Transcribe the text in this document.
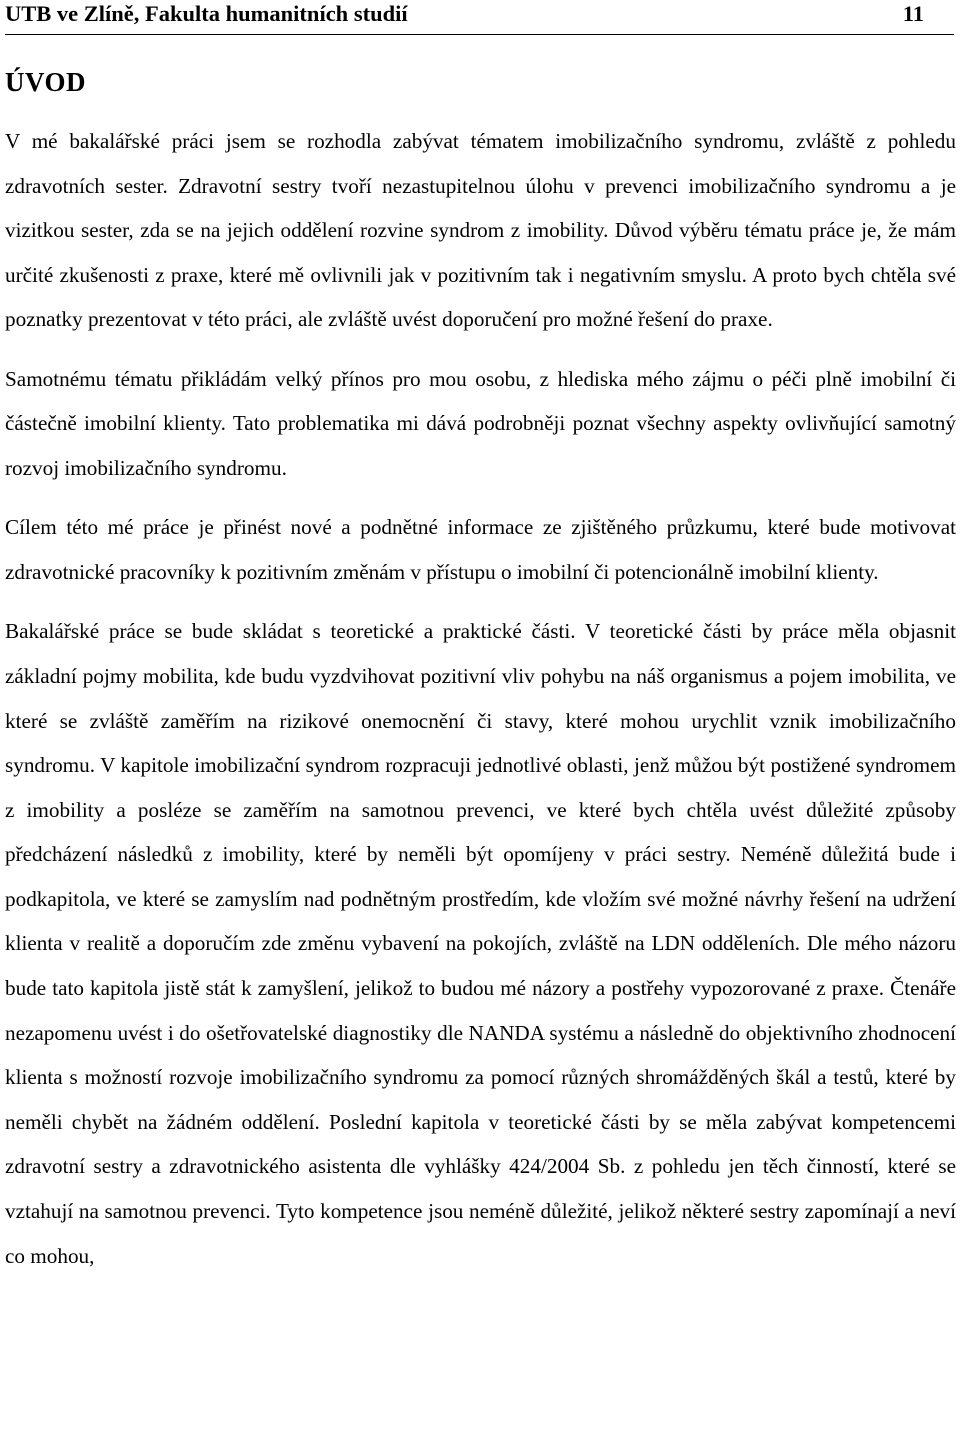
UTB ve Zlíně, Fakulta humanitních studií	11
ÚVOD

V mé bakalářské práci jsem se rozhodla zabývat tématem imobilizačního syndromu, zvláště z pohledu zdravotních sester. Zdravotní sestry tvoří nezastupitelnou úlohu v prevenci imobilizačního syndromu a je vizitkou sester, zda se na jejich oddělení rozvine syndrom z imobility. Důvod výběru tématu práce je, že mám určité zkušenosti z praxe, které mě ovlivnili jak v pozitivním tak i negativním smyslu. A proto bych chtěla své poznatky prezentovat v této práci, ale zvláště uvést doporučení pro možné řešení do praxe.

Samotnému tématu přikládám velký přínos pro mou osobu, z hlediska mého zájmu o péči plně imobilní či částečně imobilní klienty. Tato problematika mi dává podrobněji poznat všechny aspekty ovlivňující samotný rozvoj imobilizačního syndromu.

Cílem této mé práce je přinést nové a podnětné informace ze zjištěného průzkumu, které bude motivovat zdravotnické pracovníky k pozitivním změnám v přístupu o imobilní či potencionálně imobilní klienty.

Bakalářské práce se bude skládat s teoretické a praktické části. V teoretické části by práce měla objasnit základní pojmy mobilita, kde budu vyzdvihovat pozitivní vliv pohybu na náš organismus a pojem imobilita, ve které se zvláště zaměřím na rizikové onemocnění či stavy, které mohou urychlit vznik imobilizačního syndromu. V kapitole imobilizační syndrom rozpracuji jednotlivé oblasti, jenž můžou být postižené syndromem z imobility a posléze se zaměřím na samotnou prevenci, ve které bych chtěla uvést důležité způsoby předcházení následků z imobility, které by neměli být opomíjeny v práci sestry. Neméně důležitá bude i podkapitola, ve které se zamyslím nad podnětným prostředím, kde vložím své možné návrhy řešení na udržení klienta v realitě a doporučím zde změnu vybavení na pokojích, zvláště na LDN odděleních. Dle mého názoru bude tato kapitola jistě stát k zamyšlení, jelikož to budou mé názory a postřehy vypozorované z praxe. Čtenáře nezapomenu uvést i do ošetřovatelské diagnostiky dle NANDA systému a následně do objektivního zhodnocení klienta s možností rozvoje imobilizačního syndromu za pomocí různých shromážděných škál a testů, které by neměli chybět na žádném oddělení. Poslední kapitola v teoretické části by se měla zabývat kompetencemi zdravotní sestry a zdravotnického asistenta dle vyhlášky 424/2004 Sb. z pohledu jen těch činností, které se vztahují na samotnou prevenci. Tyto kompetence jsou neméně důležité, jelikož některé sestry zapomínají a neví co mohou,
